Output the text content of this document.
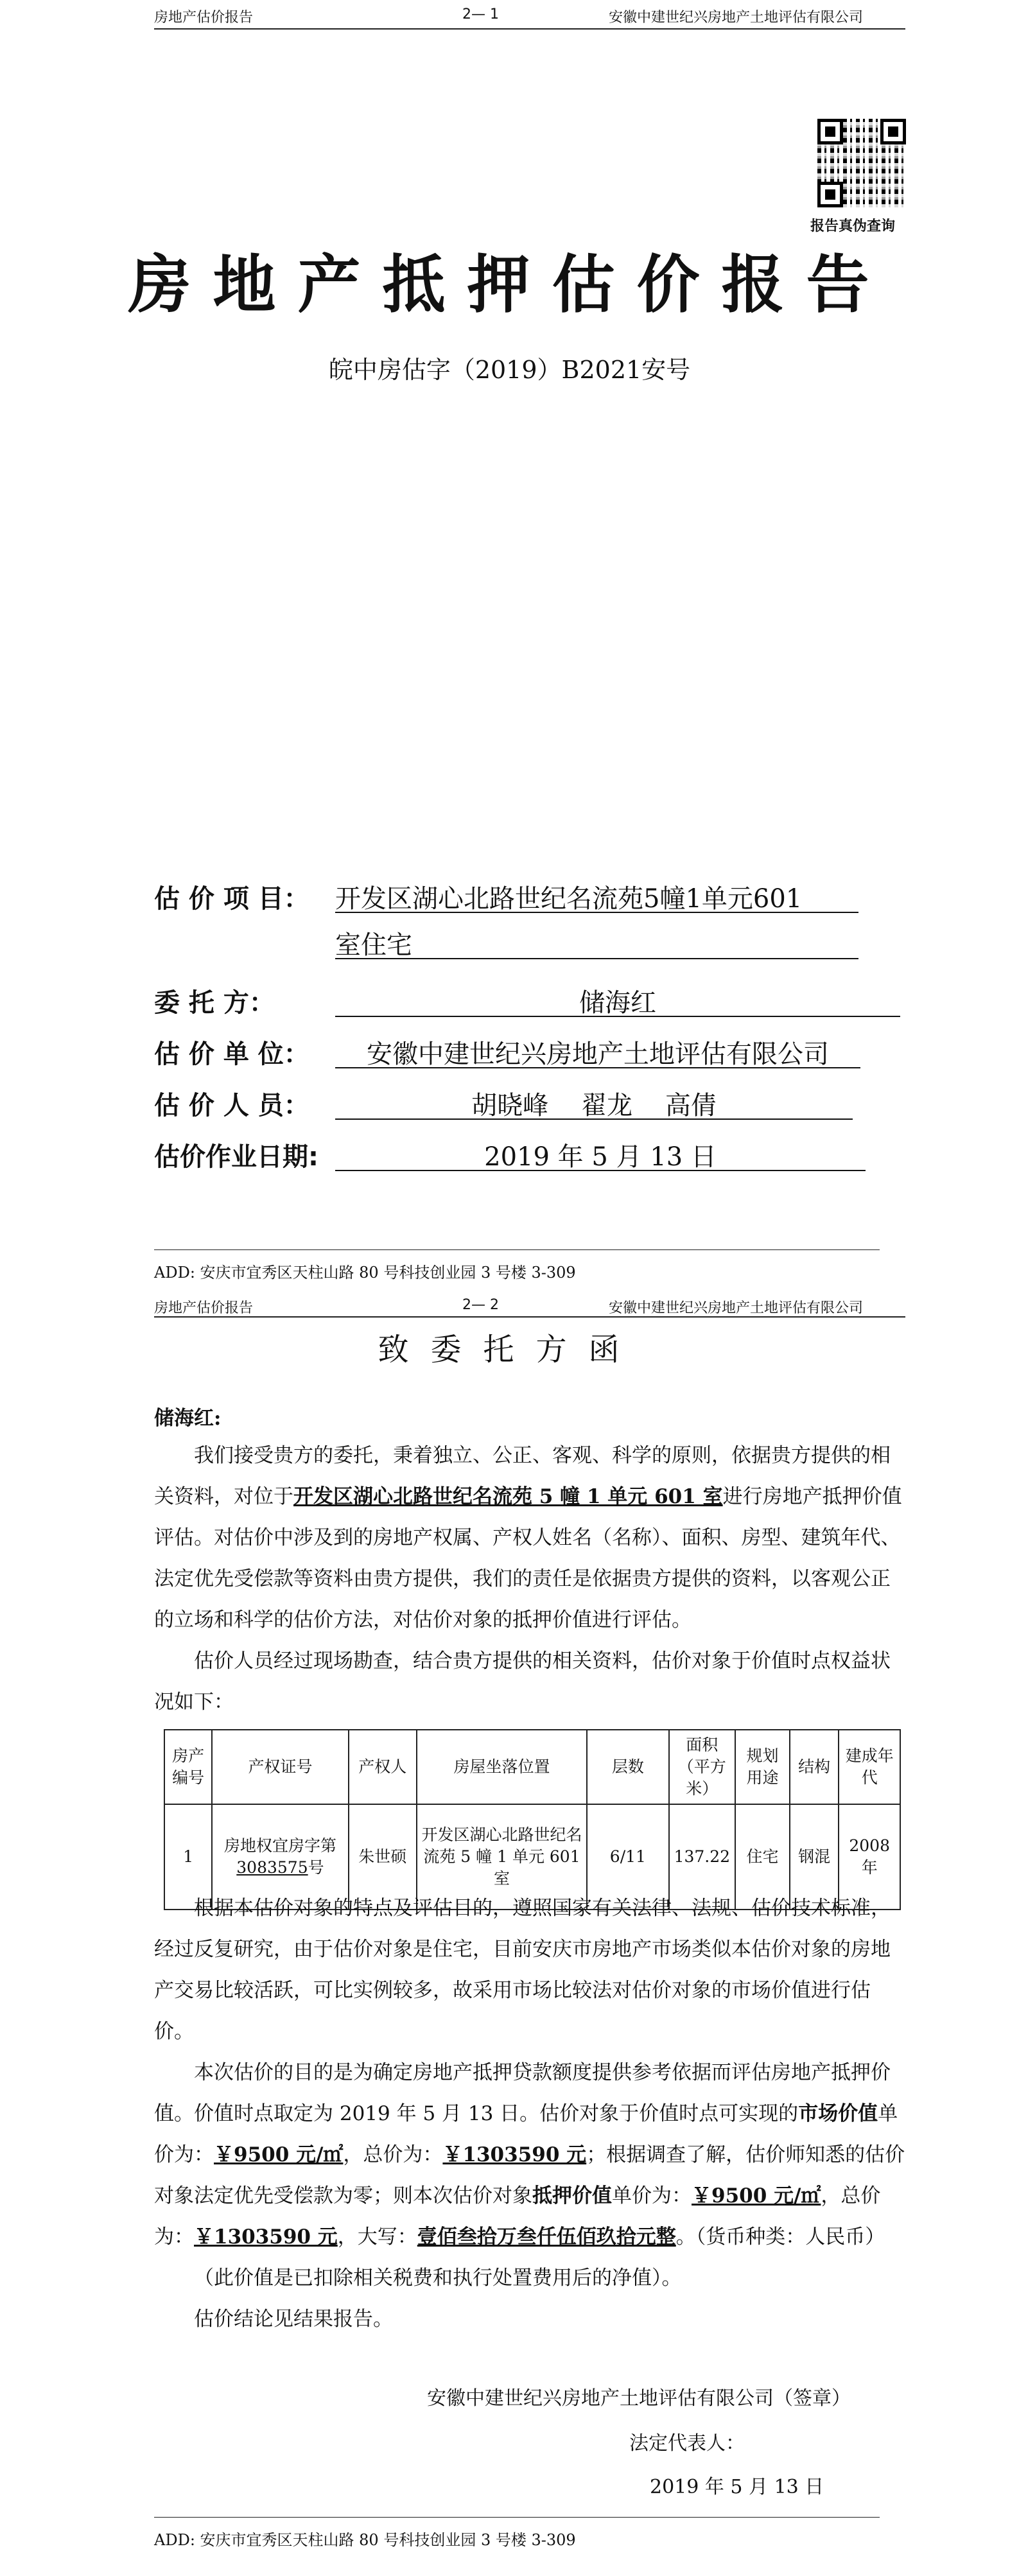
房地产估价报告	2— 1	安徽中建世纪兴房地产土地评估有限公司
报告真伪查询
房地产抵押估价报告
皖中房估字（2019）B2021安号
估 价 项 目： 开发区湖心北路世纪名流苑5幢1单元601
室住宅
委 托 方：	储海红
估 价 单 位：	安徽中建世纪兴房地产土地评估有限公司
估 价 人 员：	胡晓峰    翟龙    高倩
估价作业日期:	2019 年 5 月 13 日
ADD: 安庆市宜秀区天柱山路 80 号科技创业园 3 号楼 3-309
房地产估价报告	2— 2	安徽中建世纪兴房地产土地评估有限公司
致委托方函
储海红:

我们接受贵方的委托，秉着独立、公正、客观、科学的原则，依据贵方提供的相关资料，对位于开发区湖心北路世纪名流苑 5 幢 1 单元 601 室进行房地产抵押价值评估。对估价中涉及到的房地产权属、产权人姓名（名称）、面积、房型、建筑年代、法定优先受偿款等资料由贵方提供，我们的责任是依据贵方提供的资料，以客观公正的立场和科学的估价方法，对估价对象的抵押价值进行评估。

估价人员经过现场勘查，结合贵方提供的相关资料，估价对象于价值时点权益状况如下：

房产编号	产权证号	产权人	房屋坐落位置	层数	面积（平方米）	规划用途	结构	建成年代
1	房地权宜房字第3083575号	朱世硕	开发区湖心北路世纪名流苑 5 幢 1 单元 601 室	6/11	137.22	住宅	钢混	2008 年

根据本估价对象的特点及评估目的，遵照国家有关法律、法规、估价技术标准，经过反复研究，由于估价对象是住宅，目前安庆市房地产市场类似本估价对象的房地产交易比较活跃，可比实例较多，故采用市场比较法对估价对象的市场价值进行估价。

本次估价的目的是为确定房地产抵押贷款额度提供参考依据而评估房地产抵押价值。价值时点取定为 2019 年 5 月 13 日。估价对象于价值时点可实现的市场价值单价为：￥9500 元/㎡，总价为：￥1303590 元；根据调查了解，估价师知悉的估价对象法定优先受偿款为零；则本次估价对象抵押价值单价为：￥9500 元/㎡，总价为：￥1303590 元，大写：壹佰叁拾万叁仟伍佰玖拾元整。（货币种类：人民币）

（此价值是已扣除相关税费和执行处置费用后的净值）。

估价结论见结果报告。

安徽中建世纪兴房地产土地评估有限公司（签章）
法定代表人：
2019 年 5 月 13 日
ADD: 安庆市宜秀区天柱山路 80 号科技创业园 3 号楼 3-309
